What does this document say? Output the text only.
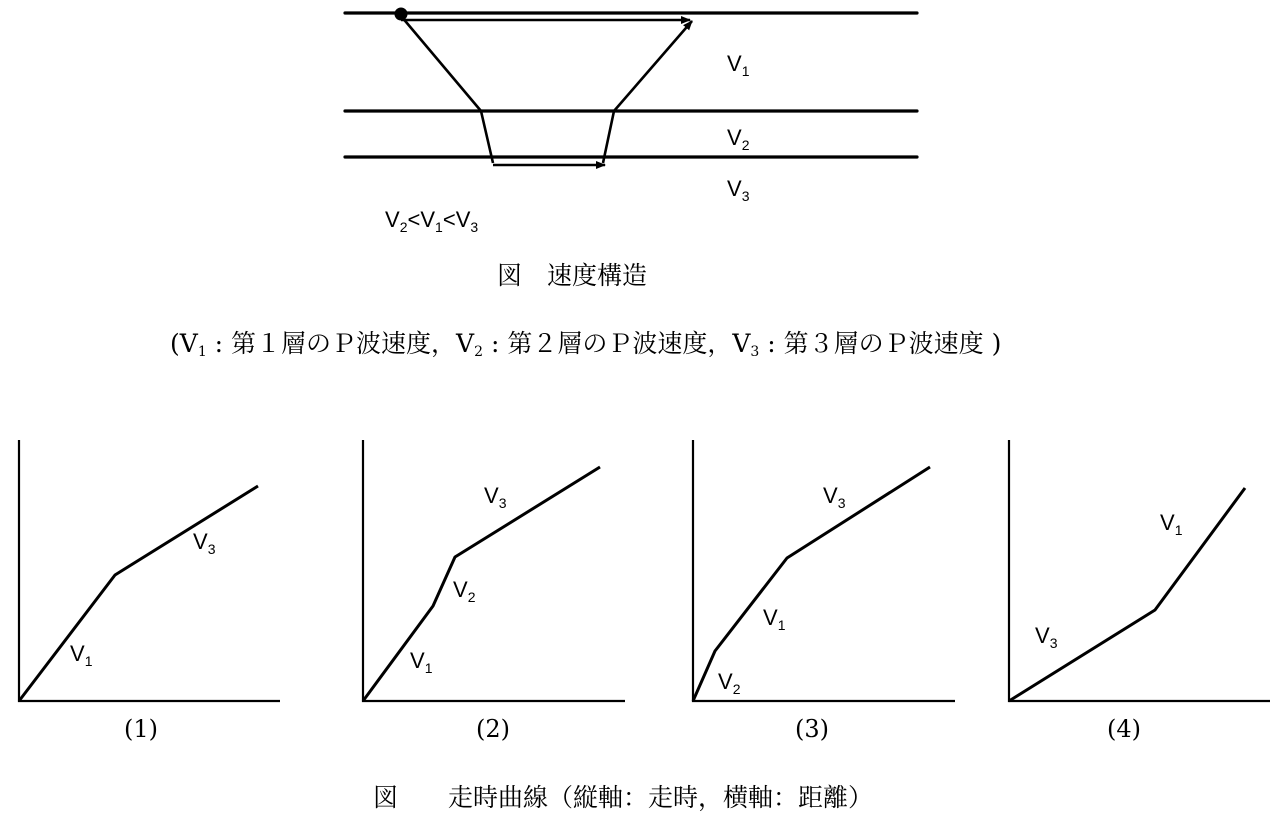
$V_1$
$V_2$
$V_3$
$V_2<V_1<V_3$
図　速度構造
(V1 : 第１層のＰ波速度，V2 : 第２層のＰ波速度，V3 : 第３層のＰ波速度 )
$V_1$
$V_3$
(1)
$V_1$
$V_2$
$V_3$
(2)
$V_2$
$V_1$
$V_3$
(3)
$V_3$
$V_1$
(4)
図　　走時曲線（縦軸：走時，横軸：距離）
